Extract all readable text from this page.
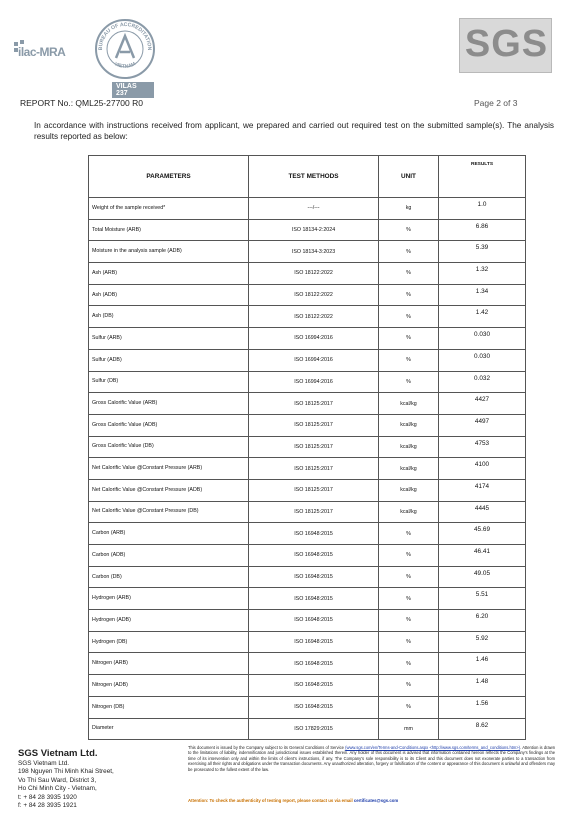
ilac-MRA	BUREAU OF ACCREDITATION
VIETNAM
VILAS 237
SGS
REPORT No.: QML25-27700 R0	Page 2 of 3
In accordance with instructions received from applicant, we prepared and carried out required test on the submitted sample(s). The analysis results reported as below:
PARAMETERS	TEST METHODS	UNIT	RESULTS
Weight of the sample received*	---/---	kg	1.0
Total Moisture (ARB)	ISO 18134-2:2024	%	6.86
Moisture in the analysis sample (ADB)	ISO 18134-3:2023	%	5.39
Ash (ARB)	ISO 18122:2022	%	1.32
Ash (ADB)	ISO 18122:2022	%	1.34
Ash (DB)	ISO 18122:2022	%	1.42
Sulfur (ARB)	ISO 16994:2016	%	0.030
Sulfur (ADB)	ISO 16994:2016	%	0.030
Sulfur (DB)	ISO 16994:2016	%	0.032
Gross Calorific Value (ARB)	ISO 18125:2017	kcal/kg	4427
Gross Calorific Value (ADB)	ISO 18125:2017	kcal/kg	4497
Gross Calorific Value (DB)	ISO 18125:2017	kcal/kg	4753
Net Calorific Value @Constant Pressure (ARB)	ISO 18125:2017	kcal/kg	4100
Net Calorific Value @Constant Pressure (ADB)	ISO 18125:2017	kcal/kg	4174
Net Calorific Value @Constant Pressure (DB)	ISO 18125:2017	kcal/kg	4445
Carbon (ARB)	ISO 16948:2015	%	45.69
Carbon (ADB)	ISO 16948:2015	%	46.41
Carbon (DB)	ISO 16948:2015	%	49.05
Hydrogen (ARB)	ISO 16948:2015	%	5.51
Hydrogen (ADB)	ISO 16948:2015	%	6.20
Hydrogen (DB)	ISO 16948:2015	%	5.92
Nitrogen (ARB)	ISO 16948:2015	%	1.46
Nitrogen (ADB)	ISO 16948:2015	%	1.48
Nitrogen (DB)	ISO 16948:2015	%	1.56
Diameter	ISO 17829:2015	mm	8.62
SGS Vietnam Ltd.
SGS Vietnam Ltd.
198 Nguyen Thi Minh Khai Street,
Vo Thi Sau Ward, District 3,
Ho Chi Minh City - Vietnam,
t: + 84 28 3935 1920
f: + 84 28 3935 1921
This document is issued by the Company subject to its General Conditions of Service (www.sgs.com/en/Terms-and-Conditions.aspx <http://www.sgs.com/terms_and_conditions.htm>). Attention is drawn to the limitations of liability, indemnification and jurisdictional issues established therein. Any holder of this document is advised that information contained hereon reflects the Company's findings at the time of its intervention only and within the limits of client's instructions, if any. The Company's sole responsibility is to its Client and this document does not exonerate parties to a transaction from exercising all their rights and obligations under the transaction documents. Any unauthorized alteration, forgery or falsification of the content or appearance of this document is unlawful and offenders may be prosecuted to the fullest extent of the law.
Attention: To check the authenticity of testing report, please contact us via email certificates@sgs.com
